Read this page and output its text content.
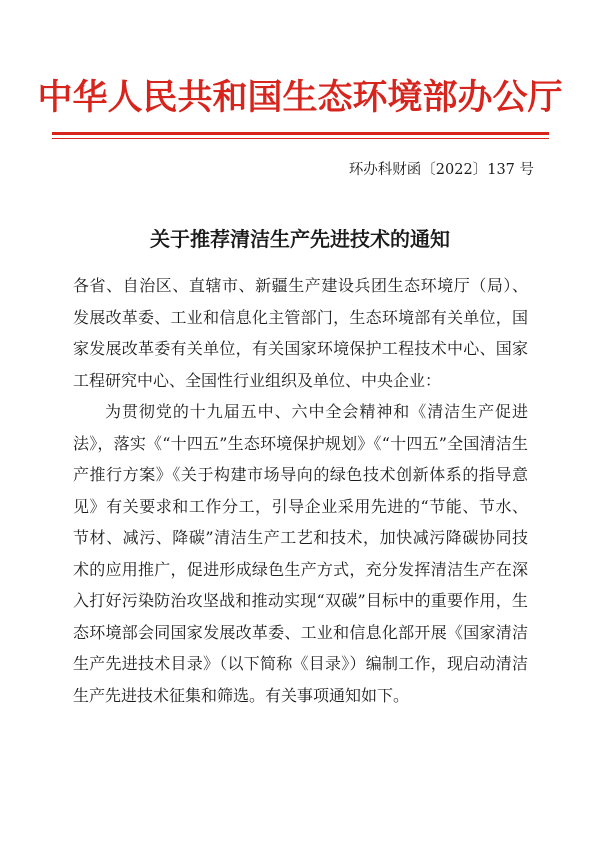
中华人民共和国生态环境部办公厅
环办科财函〔2022〕137 号
关于推荐清洁生产先进技术的通知

各省、自治区、直辖市、新疆生产建设兵团生态环境厅（局）、发展改革委、工业和信息化主管部门，生态环境部有关单位，国家发展改革委有关单位，有关国家环境保护工程技术中心、国家工程研究中心、全国性行业组织及单位、中央企业：

为贯彻党的十九届五中、六中全会精神和《清洁生产促进法》，落实《“十四五”生态环境保护规划》《“十四五”全国清洁生产推行方案》《关于构建市场导向的绿色技术创新体系的指导意见》有关要求和工作分工，引导企业采用先进的“节能、节水、节材、减污、降碳”清洁生产工艺和技术，加快减污降碳协同技术的应用推广，促进形成绿色生产方式，充分发挥清洁生产在深入打好污染防治攻坚战和推动实现“双碳”目标中的重要作用，生态环境部会同国家发展改革委、工业和信息化部开展《国家清洁生产先进技术目录》（以下简称《目录》）编制工作，现启动清洁生产先进技术征集和筛选。有关事项通知如下。
